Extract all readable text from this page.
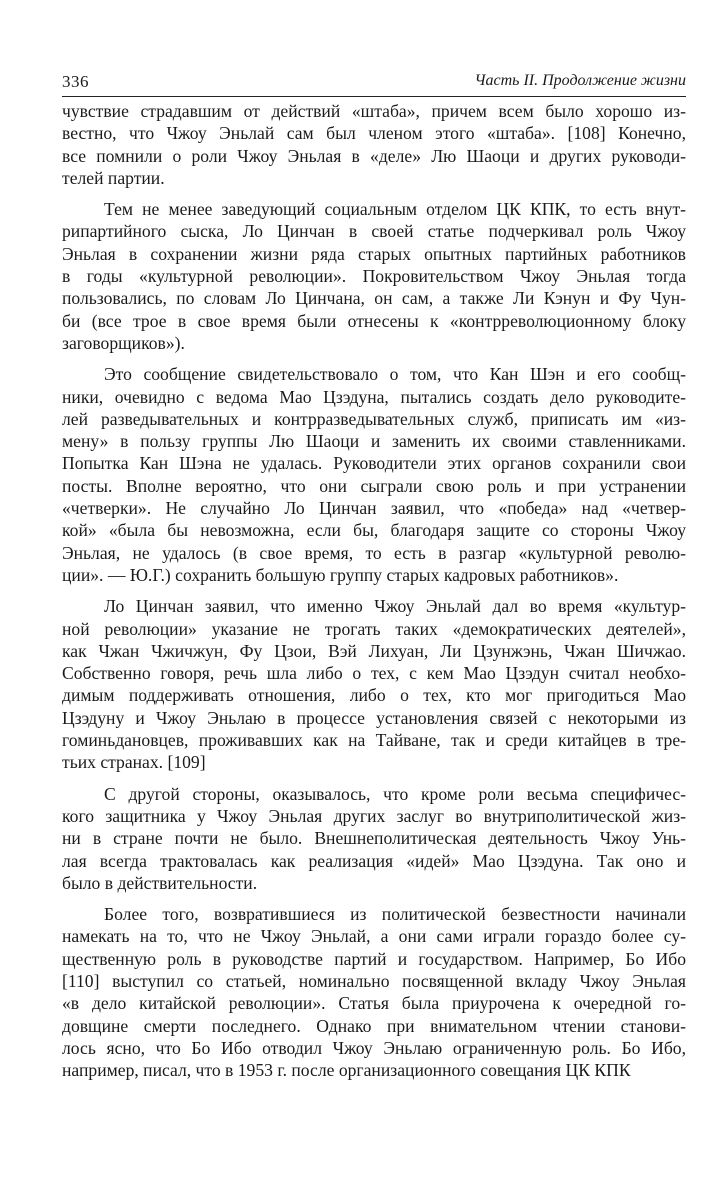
336	Часть II. Продолжение жизни

чувствие страдавшим от действий «штаба», причем всем было хорошо из-
вестно, что Чжоу Эньлай сам был членом этого «штаба». [108] Конечно,
все помнили о роли Чжоу Эньлая в «деле» Лю Шаоци и других руководи-
телей партии.

Тем не менее заведующий социальным отделом ЦК КПК, то есть внут-
рипартийного сыска, Ло Цинчан в своей статье подчеркивал роль Чжоу
Эньлая в сохранении жизни ряда старых опытных партийных работников
в годы «культурной революции». Покровительством Чжоу Эньлая тогда
пользовались, по словам Ло Цинчана, он сам, а также Ли Кэнун и Фу Чун-
би (все трое в свое время были отнесены к «контрреволюционному блоку
заговорщиков»).

Это сообщение свидетельствовало о том, что Кан Шэн и его сообщ-
ники, очевидно с ведома Мао Цзэдуна, пытались создать дело руководите-
лей разведывательных и контрразведывательных служб, приписать им «из-
мену» в пользу группы Лю Шаоци и заменить их своими ставленниками.
Попытка Кан Шэна не удалась. Руководители этих органов сохранили свои
посты. Вполне вероятно, что они сыграли свою роль и при устранении
«четверки». Не случайно Ло Цинчан заявил, что «победа» над «четвер-
кой» «была бы невозможна, если бы, благодаря защите со стороны Чжоу
Эньлая, не удалось (в свое время, то есть в разгар «культурной револю-
ции». — Ю.Г.) сохранить большую группу старых кадровых работников».

Ло Цинчан заявил, что именно Чжоу Эньлай дал во время «культур-
ной революции» указание не трогать таких «демократических деятелей»,
как Чжан Чжичжун, Фу Цзои, Вэй Лихуан, Ли Цзунжэнь, Чжан Шичжао.
Собственно говоря, речь шла либо о тех, с кем Мао Цзэдун считал необхо-
димым поддерживать отношения, либо о тех, кто мог пригодиться Мао
Цзэдуну и Чжоу Эньлаю в процессе установления связей с некоторыми из
гоминьдановцев, проживавших как на Тайване, так и среди китайцев в тре-
тьих странах. [109]

С другой стороны, оказывалось, что кроме роли весьма специфичес-
кого защитника у Чжоу Эньлая других заслуг во внутриполитической жиз-
ни в стране почти не было. Внешнеполитическая деятельность Чжоу Унь-
лая всегда трактовалась как реализация «идей» Мао Цзэдуна. Так оно и
было в действительности.

Более того, возвратившиеся из политической безвестности начинали
намекать на то, что не Чжоу Эньлай, а они сами играли гораздо более су-
щественную роль в руководстве партий и государством. Например, Бо Ибо
[110] выступил со статьей, номинально посвященной вкладу Чжоу Эньлая
«в дело китайской революции». Статья была приурочена к очередной го-
довщине смерти последнего. Однако при внимательном чтении станови-
лось ясно, что Бо Ибо отводил Чжоу Эньлаю ограниченную роль. Бо Ибо,
например, писал, что в 1953 г. после организационного совещания ЦК КПК
